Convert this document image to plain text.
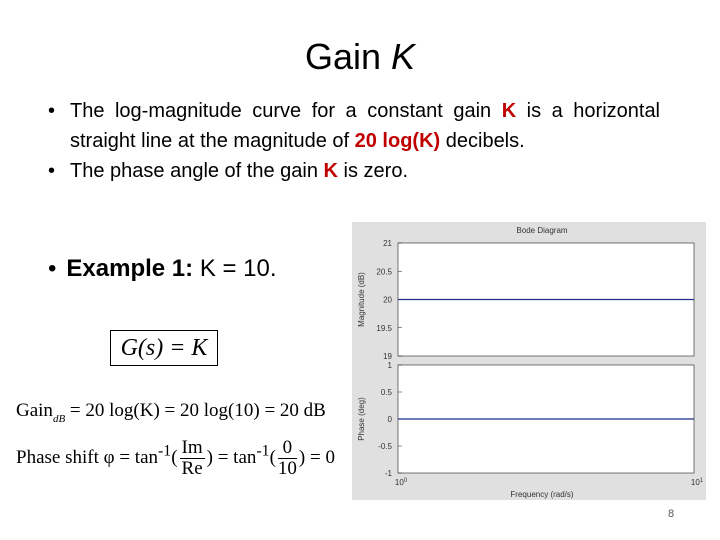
Gain K
• The log-magnitude curve for a constant gain K is a horizontal straight line at the magnitude of 20 log(K) decibels.
• The phase angle of the gain K is zero.
• Example 1: K = 10.
G(s) = K
Gain$_{dB}$ = 20 log(K) = 20 log(10) = 20 dB
Phase shift $\varphi = \tan^{-1}( \frac{Im}{Re}$ ) = $\tan^{-1}( \frac{0}{10}$ ) = 0
Bode Diagram
21
20.5
20
19.5
19
Magnitude (dB)
1
0.5
0
-0.5
-1
Phase (deg)
$10^0$	$10^1$
Frequency (rad/s)
8
